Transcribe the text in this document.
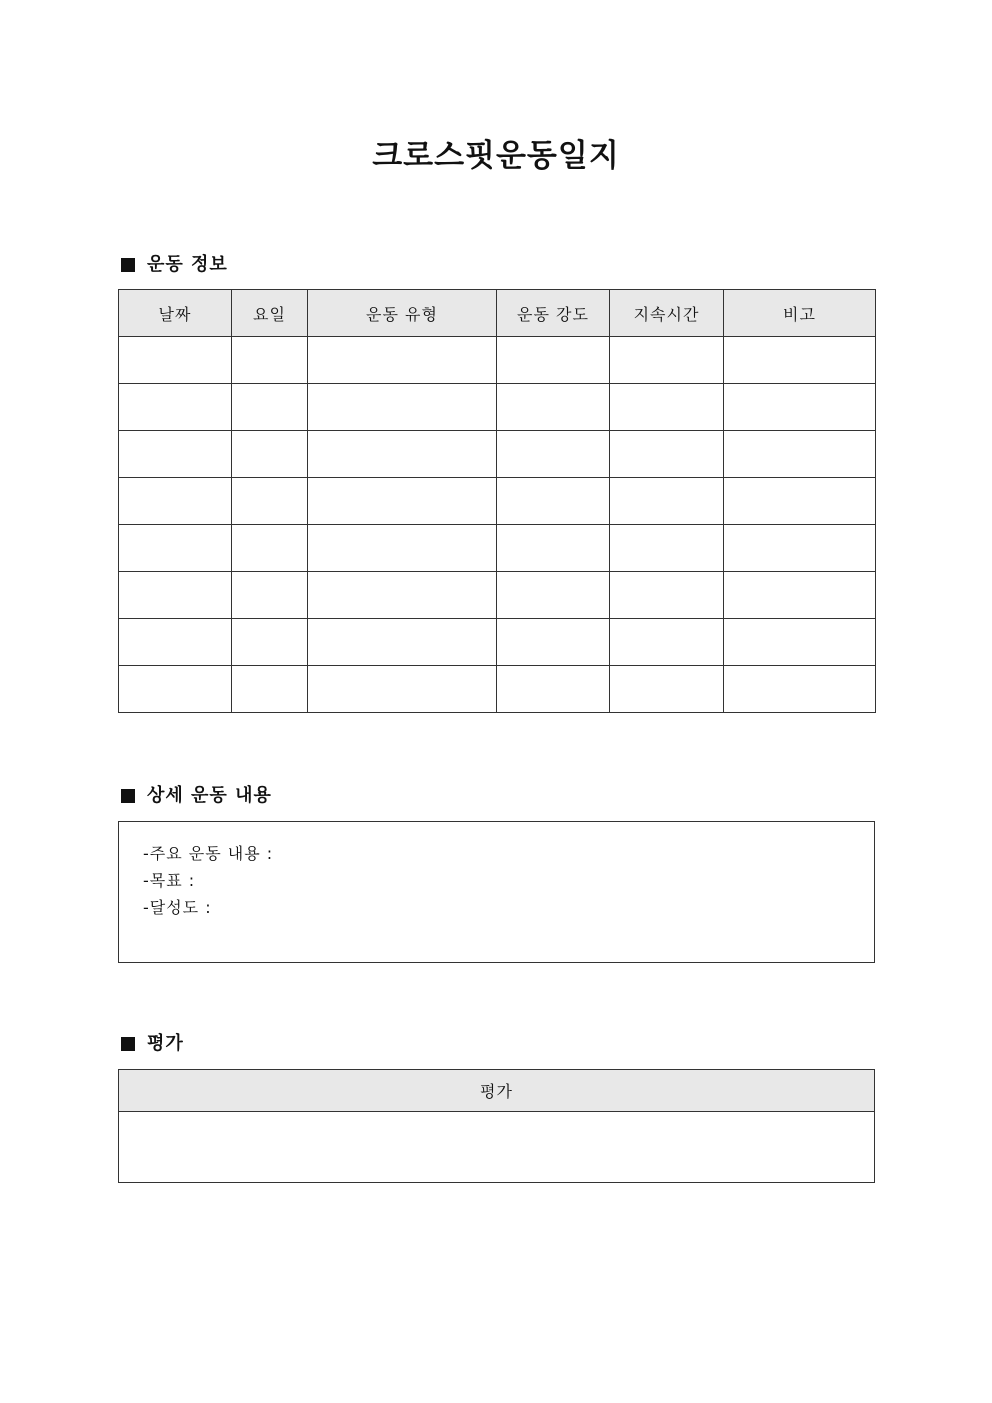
크로스핏운동일지
운동 정보
날짜	요일	운동 유형	운동 강도	지속시간	비고

상세 운동 내용
-주요 운동 내용 :
-목표 :
-달성도 :
평가
평가
